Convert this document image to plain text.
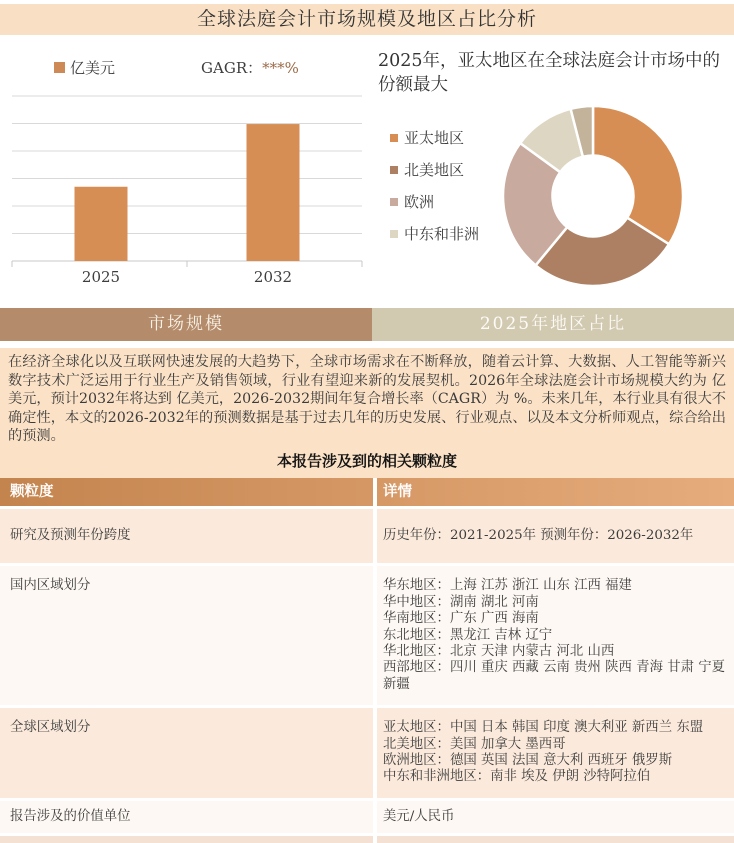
全球法庭会计市场规模及地区占比分析
亿美元	GAGR：***%
2025	2032
2025年，亚太地区在全球法庭会计市场中的份额最大
亚太地区
北美地区
欧洲
中东和非洲
市场规模	2025年地区占比

在经济全球化以及互联网快速发展的大趋势下，全球市场需求在不断释放，随着云计算、大数据、人工智能等新兴数字技术广泛运用于行业生产及销售领域，行业有望迎来新的发展契机。2026年全球法庭会计市场规模大约为 亿美元，预计2032年将达到 亿美元，2026-2032期间年复合增长率（CAGR）为 %。未来几年，本行业具有很大不确定性，本文的2026-2032年的预测数据是基于过去几年的历史发展、行业观点、以及本文分析师观点，综合给出的预测。

本报告涉及到的相关颗粒度
颗粒度	详情
研究及预测年份跨度	历史年份：2021-2025年 预测年份：2026-2032年
国内区域划分	华东地区：上海 江苏 浙江 山东 江西 福建
华中地区：湖南 湖北 河南
华南地区：广东 广西 海南
东北地区：黑龙江 吉林 辽宁
华北地区：北京 天津 内蒙古 河北 山西
西部地区：四川 重庆 西藏 云南 贵州 陕西 青海 甘肃 宁夏 新疆
全球区域划分	亚太地区：中国 日本 韩国 印度 澳大利亚 新西兰 东盟
北美地区：美国 加拿大 墨西哥
欧洲地区：德国 英国 法国 意大利 西班牙 俄罗斯
中东和非洲地区：南非 埃及 伊朗 沙特阿拉伯
报告涉及的价值单位	美元/人民币
